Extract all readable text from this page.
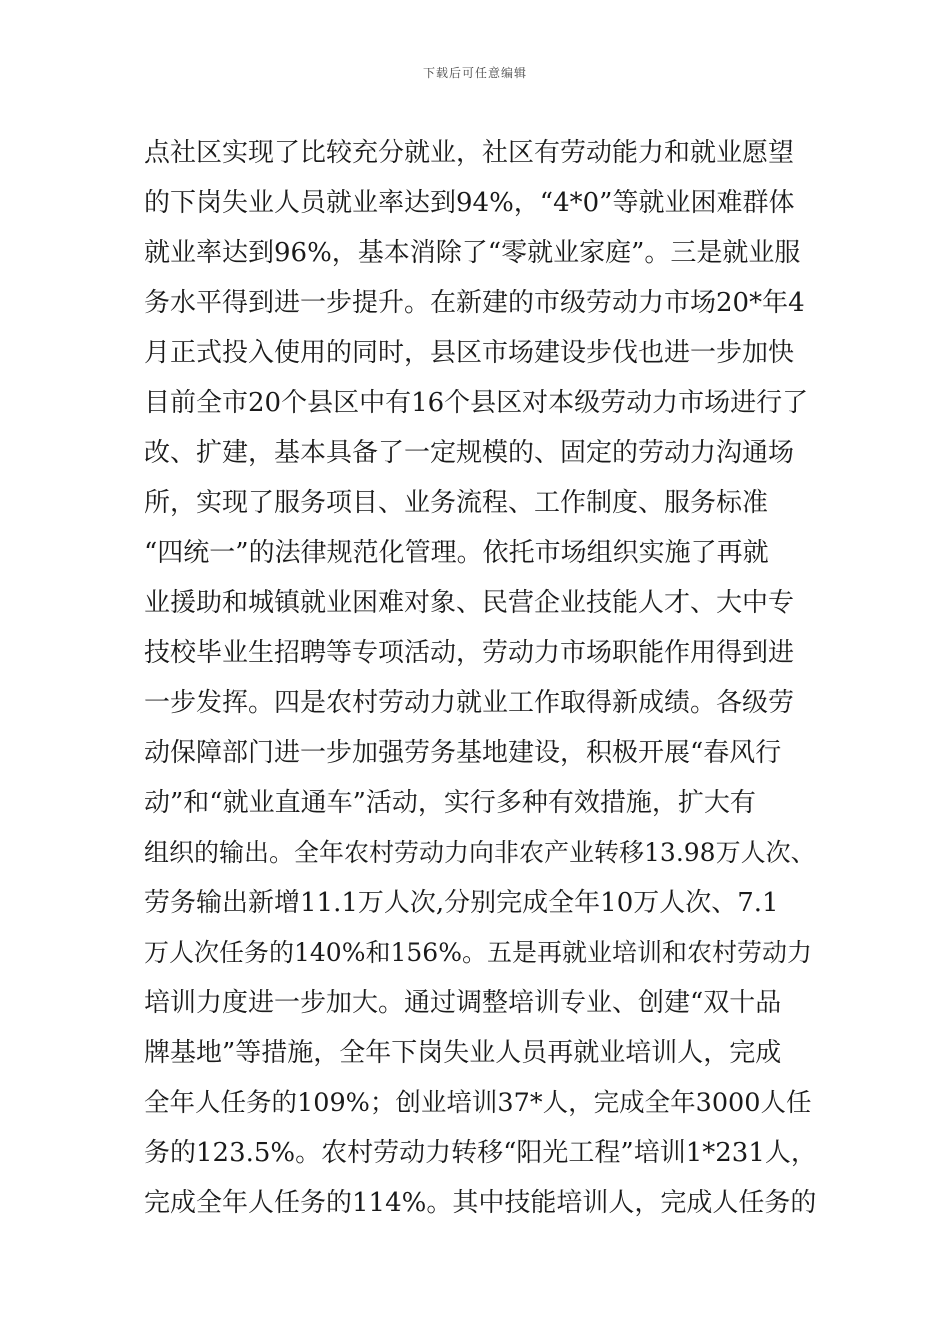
下载后可任意编辑
点社区实现了比较充分就业，社区有劳动能力和就业愿望
的下岗失业人员就业率达到94%，“4*0”等就业困难群体
就业率达到96%，基本消除了“零就业家庭”。三是就业服
务水平得到进一步提升。在新建的市级劳动力市场20*年4
月正式投入使用的同时，县区市场建设步伐也进一步加快
目前全市20个县区中有16个县区对本级劳动力市场进行了
改、扩建，基本具备了一定规模的、固定的劳动力沟通场
所，实现了服务项目、业务流程、工作制度、服务标准
“四统一”的法律规范化管理。依托市场组织实施了再就
业援助和城镇就业困难对象、民营企业技能人才、大中专
技校毕业生招聘等专项活动，劳动力市场职能作用得到进
一步发挥。四是农村劳动力就业工作取得新成绩。各级劳
动保障部门进一步加强劳务基地建设，积极开展“春风行
动”和“就业直通车”活动，实行多种有效措施，扩大有
组织的输出。全年农村劳动力向非农产业转移13.98万人次、
劳务输出新增11.1万人次,分别完成全年10万人次、7.1
万人次任务的140%和156%。五是再就业培训和农村劳动力
培训力度进一步加大。通过调整培训专业、创建“双十品
牌基地”等措施，全年下岗失业人员再就业培训人，完成
全年人任务的109%；创业培训37*人，完成全年3000人任
务的123.5%。农村劳动力转移“阳光工程”培训1*231人，
完成全年人任务的114%。其中技能培训人，完成人任务的
